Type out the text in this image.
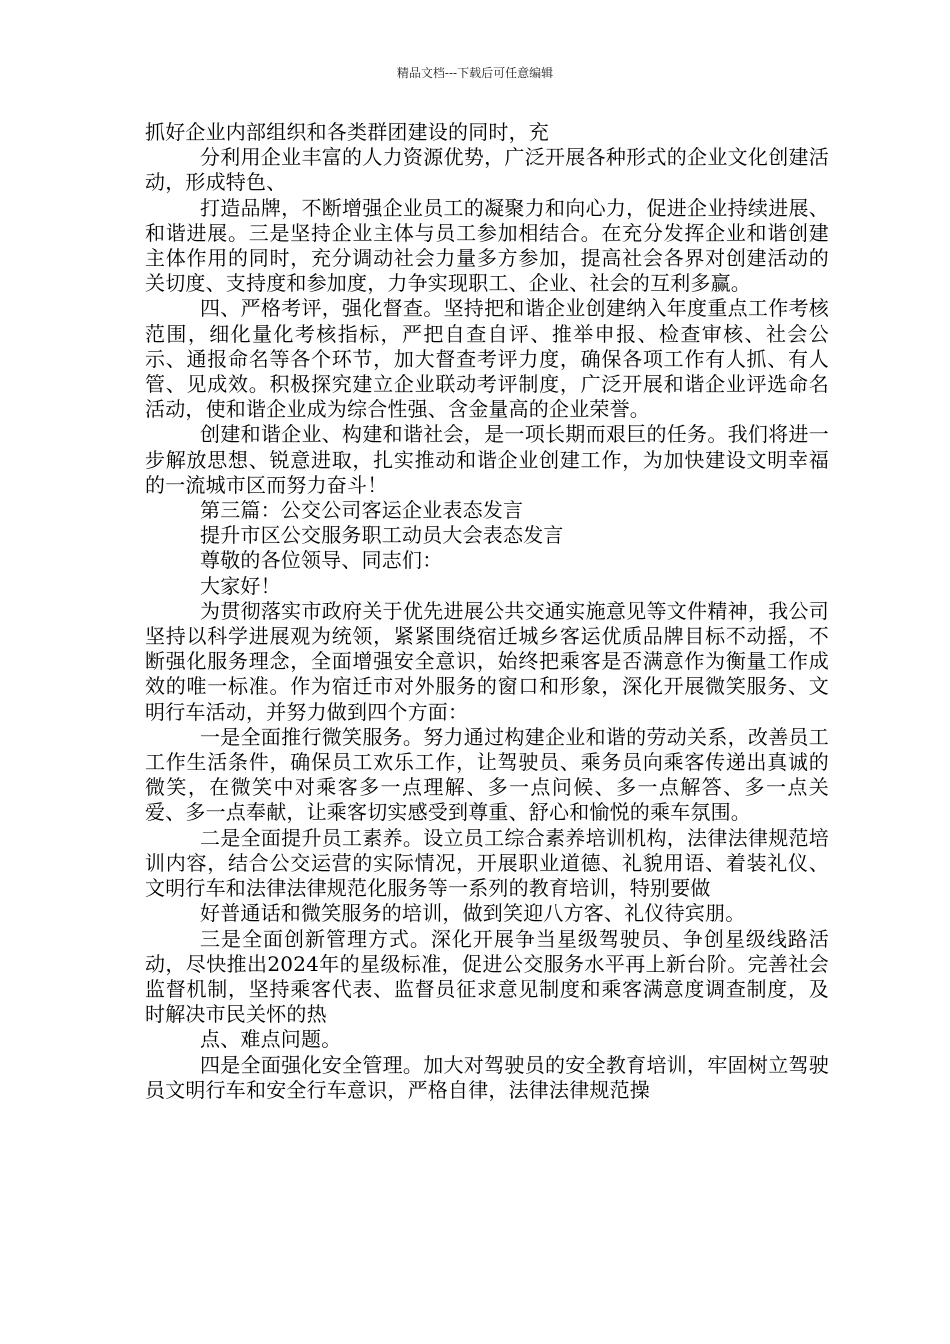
精品文档---下载后可任意编辑

抓好企业内部组织和各类群团建设的同时，充

分利用企业丰富的人力资源优势，广泛开展各种形式的企业文化创建活动，形成特色、

打造品牌，不断增强企业员工的凝聚力和向心力，促进企业持续进展、和谐进展。三是坚持企业主体与员工参加相结合。在充分发挥企业和谐创建主体作用的同时，充分调动社会力量多方参加，提高社会各界对创建活动的关切度、支持度和参加度，力争实现职工、企业、社会的互利多赢。

四、严格考评，强化督查。坚持把和谐企业创建纳入年度重点工作考核范围，细化量化考核指标，严把自查自评、推举申报、检查审核、社会公示、通报命名等各个环节，加大督查考评力度，确保各项工作有人抓、有人管、见成效。积极探究建立企业联动考评制度，广泛开展和谐企业评选命名活动，使和谐企业成为综合性强、含金量高的企业荣誉。

创建和谐企业、构建和谐社会，是一项长期而艰巨的任务。我们将进一步解放思想、锐意进取，扎实推动和谐企业创建工作，为加快建设文明幸福的一流城市区而努力奋斗！

第三篇：公交公司客运企业表态发言

提升市区公交服务职工动员大会表态发言

尊敬的各位领导、同志们：

大家好！

为贯彻落实市政府关于优先进展公共交通实施意见等文件精神，我公司坚持以科学进展观为统领，紧紧围绕宿迁城乡客运优质品牌目标不动摇，不断强化服务理念，全面增强安全意识，始终把乘客是否满意作为衡量工作成效的唯一标准。作为宿迁市对外服务的窗口和形象，深化开展微笑服务、文明行车活动，并努力做到四个方面：

一是全面推行微笑服务。努力通过构建企业和谐的劳动关系，改善员工工作生活条件，确保员工欢乐工作，让驾驶员、乘务员向乘客传递出真诚的微笑，在微笑中对乘客多一点理解、多一点问候、多一点解答、多一点关爱、多一点奉献，让乘客切实感受到尊重、舒心和愉悦的乘车氛围。

二是全面提升员工素养。设立员工综合素养培训机构，法律法律规范培训内容，结合公交运营的实际情况，开展职业道德、礼貌用语、着装礼仪、文明行车和法律法律规范化服务等一系列的教育培训，特别要做

好普通话和微笑服务的培训，做到笑迎八方客、礼仪待宾朋。

三是全面创新管理方式。深化开展争当星级驾驶员、争创星级线路活动，尽快推出2024年的星级标准，促进公交服务水平再上新台阶。完善社会监督机制，坚持乘客代表、监督员征求意见制度和乘客满意度调查制度，及时解决市民关怀的热

点、难点问题。

四是全面强化安全管理。加大对驾驶员的安全教育培训，牢固树立驾驶员文明行车和安全行车意识，严格自律，法律法律规范操
